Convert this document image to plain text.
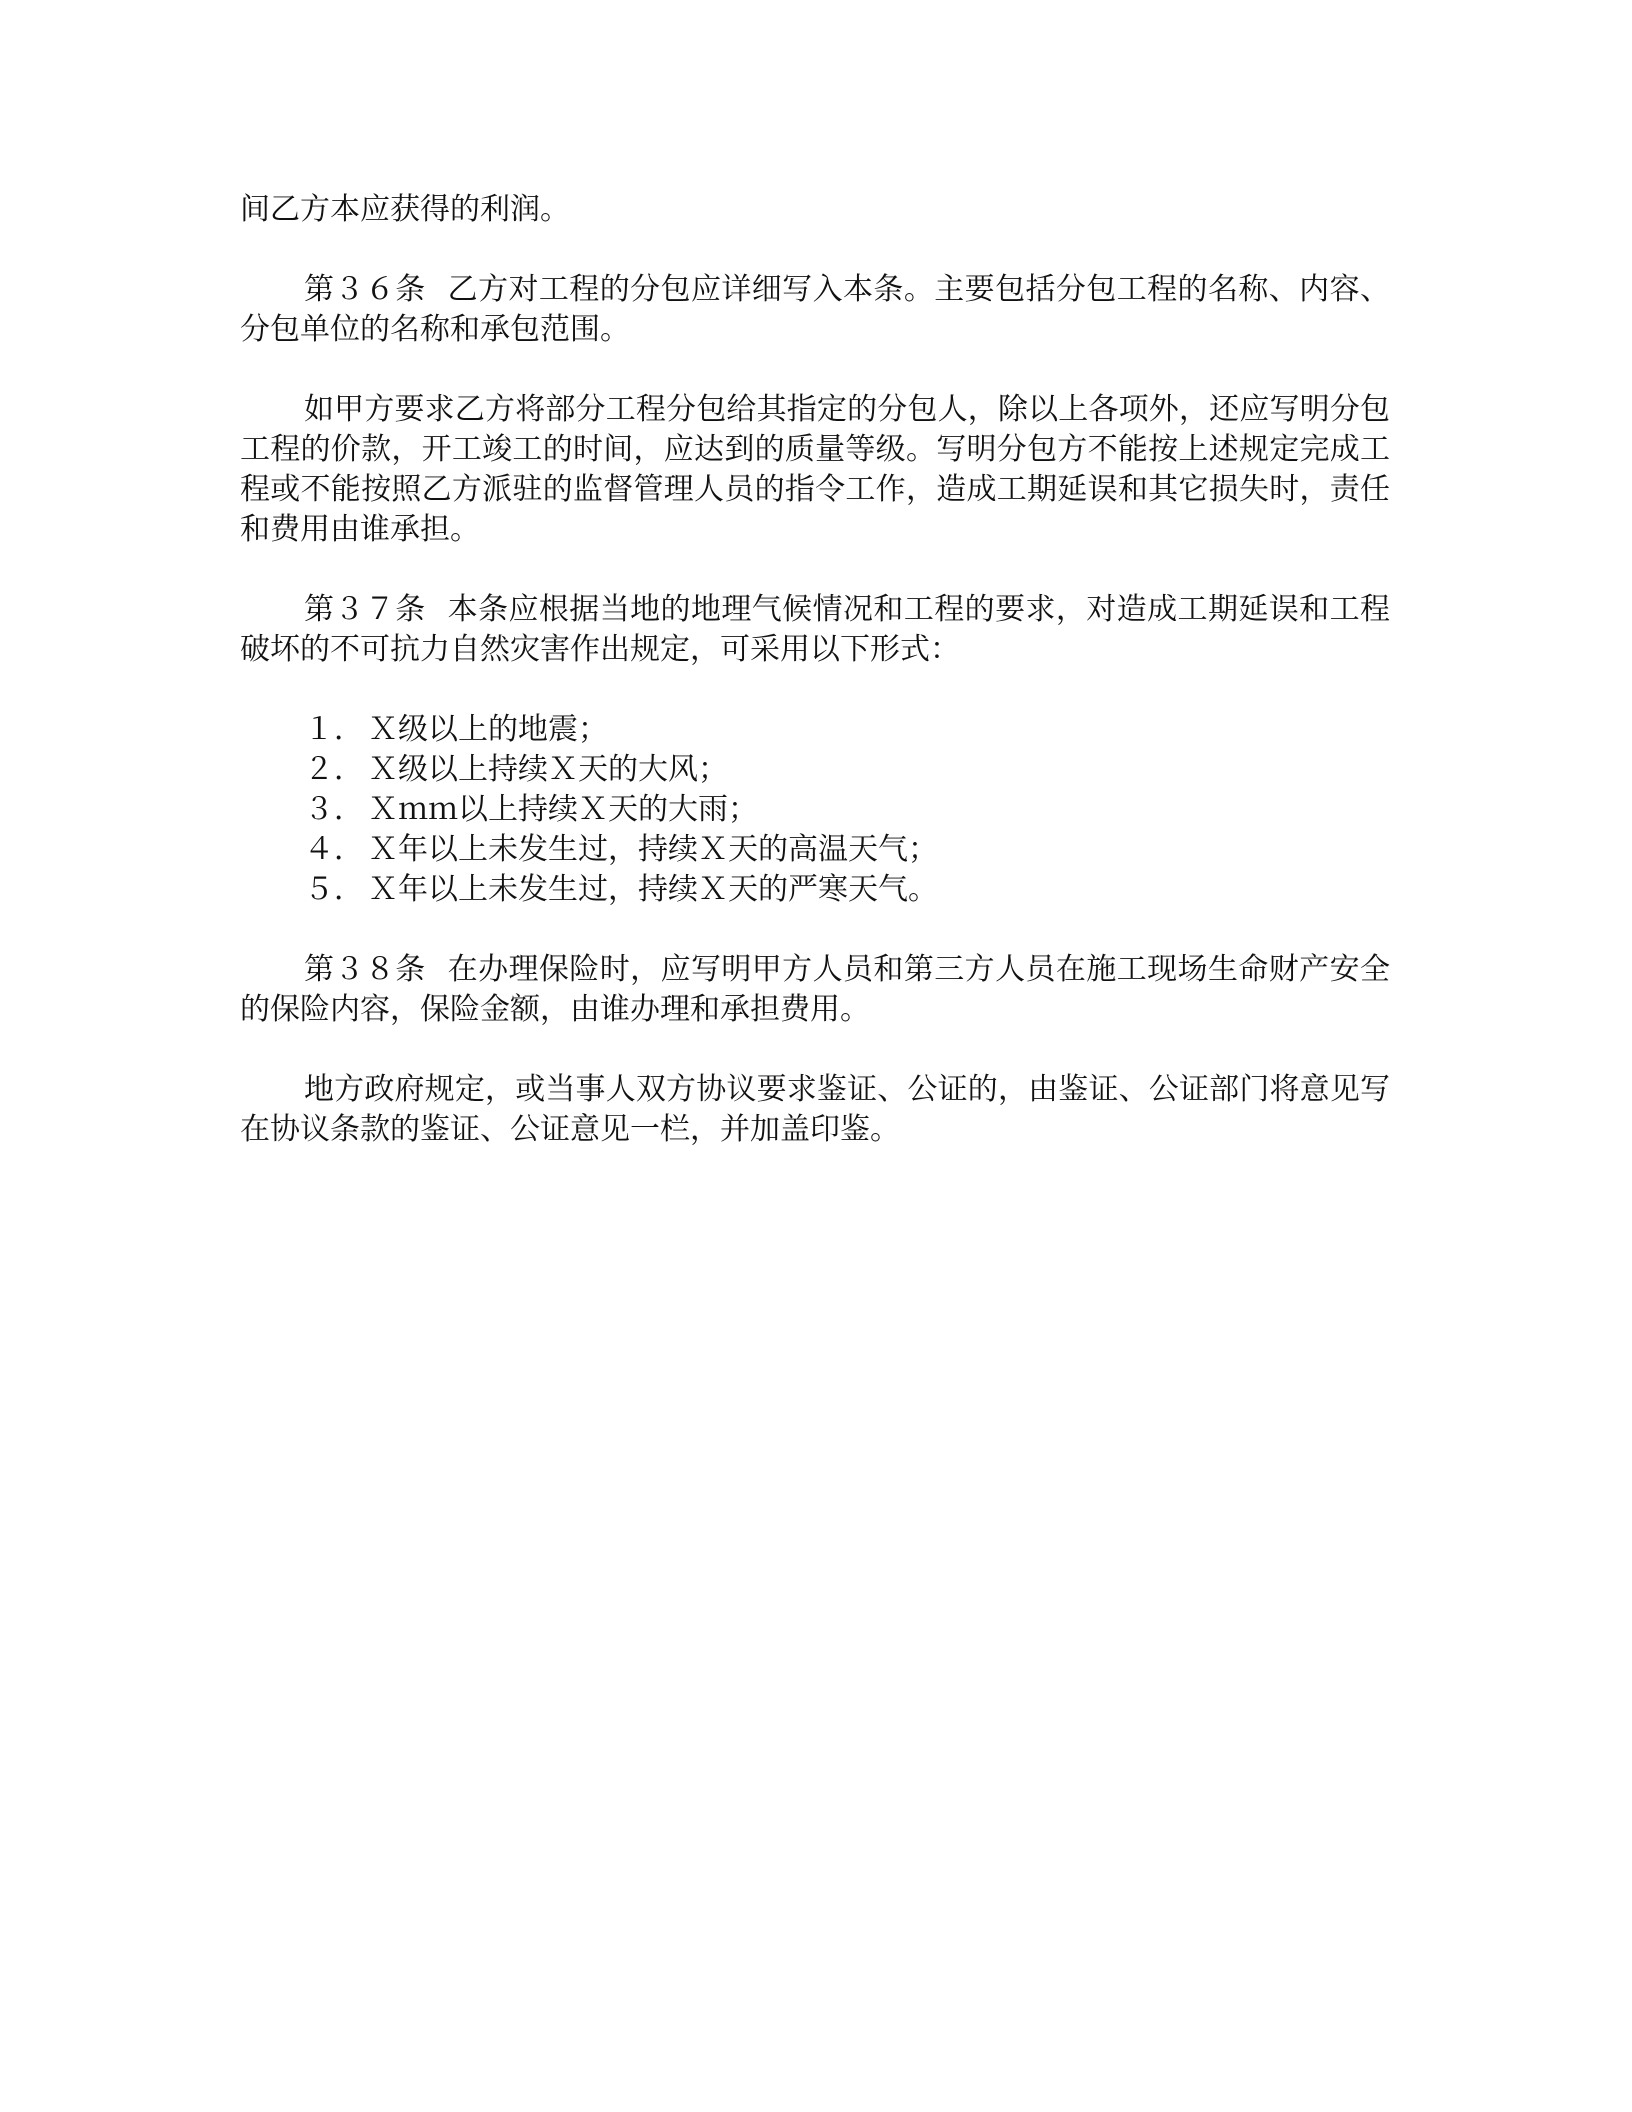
间乙方本应获得的利润。

第３６条 乙方对工程的分包应详细写入本条。主要包括分包工程的名称、内容、分包单位的名称和承包范围。

如甲方要求乙方将部分工程分包给其指定的分包人，除以上各项外，还应写明分包工程的价款，开工竣工的时间，应达到的质量等级。写明分包方不能按上述规定完成工程或不能按照乙方派驻的监督管理人员的指令工作，造成工期延误和其它损失时，责任和费用由谁承担。

第３７条 本条应根据当地的地理气候情况和工程的要求，对造成工期延误和工程破坏的不可抗力自然灾害作出规定，可采用以下形式：

１． Ｘ级以上的地震；
２． Ｘ级以上持续Ｘ天的大风；
３． Ｘｍｍ以上持续Ｘ天的大雨；
４． Ｘ年以上未发生过，持续Ｘ天的高温天气；
５． Ｘ年以上未发生过，持续Ｘ天的严寒天气。

第３８条 在办理保险时，应写明甲方人员和第三方人员在施工现场生命财产安全的保险内容，保险金额，由谁办理和承担费用。

地方政府规定，或当事人双方协议要求鉴证、公证的，由鉴证、公证部门将意见写在协议条款的鉴证、公证意见一栏，并加盖印鉴。
